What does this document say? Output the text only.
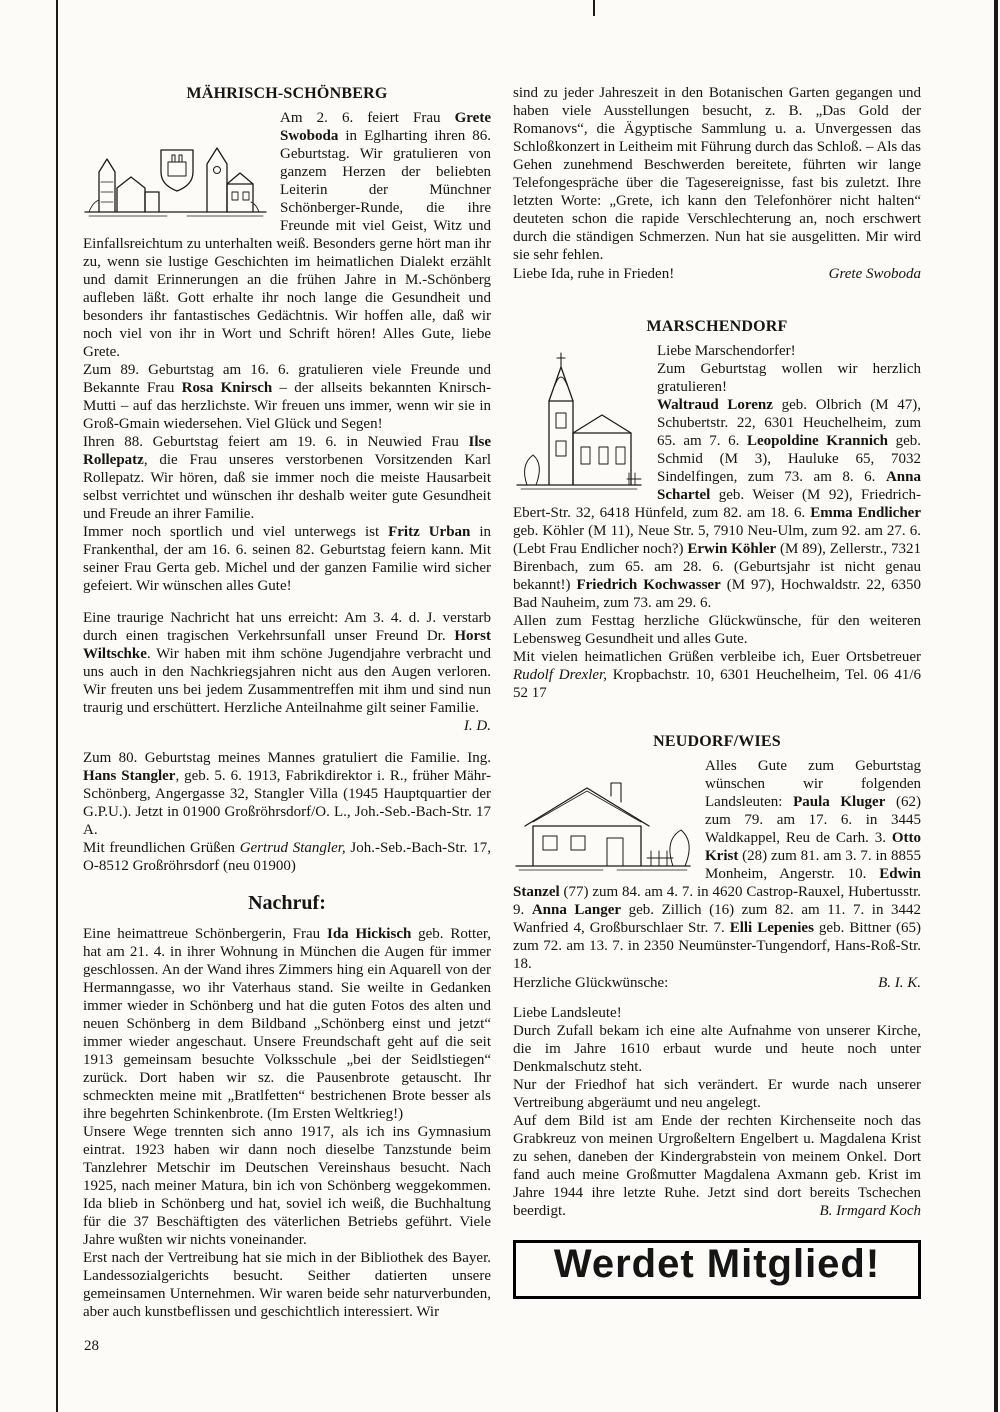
MÄHRISCH-SCHÖNBERG

Am 2. 6. feiert Frau Grete Swoboda in Eglharting ihren 86. Geburtstag. Wir gratulieren von ganzem Herzen der beliebten Leiterin der Münchner Schönberger-Runde, die ihre Freunde mit viel Geist, Witz und Einfallsreichtum zu unterhalten weiß. Besonders gerne hört man ihr zu, wenn sie lustige Geschichten im heimatlichen Dialekt erzählt und damit Erinnerungen an die frühen Jahre in M.-Schönberg aufleben läßt. Gott erhalte ihr noch lange die Gesundheit und besonders ihr fantastisches Gedächtnis. Wir hoffen alle, daß wir noch viel von ihr in Wort und Schrift hören! Alles Gute, liebe Grete.

Zum 89. Geburtstag am 16. 6. gratulieren viele Freunde und Bekannte Frau Rosa Knirsch – der allseits bekannten Knirsch-Mutti – auf das herzlichste. Wir freuen uns immer, wenn wir sie in Groß-Gmain wiedersehen. Viel Glück und Segen!

Ihren 88. Geburtstag feiert am 19. 6. in Neuwied Frau Ilse Rollepatz, die Frau unseres verstorbenen Vorsitzenden Karl Rollepatz. Wir hören, daß sie immer noch die meiste Hausarbeit selbst verrichtet und wünschen ihr deshalb weiter gute Gesundheit und Freude an ihrer Familie.

Immer noch sportlich und viel unterwegs ist Fritz Urban in Frankenthal, der am 16. 6. seinen 82. Geburtstag feiern kann. Mit seiner Frau Gerta geb. Michel und der ganzen Familie wird sicher gefeiert. Wir wünschen alles Gute!

Eine traurige Nachricht hat uns erreicht: Am 3. 4. d. J. verstarb durch einen tragischen Verkehrsunfall unser Freund Dr. Horst Wiltschke. Wir haben mit ihm schöne Jugendjahre verbracht und uns auch in den Nachkriegsjahren nicht aus den Augen verloren. Wir freuten uns bei jedem Zusammentreffen mit ihm und sind nun traurig und erschüttert. Herzliche Anteilnahme gilt seiner Familie.
I. D.

Zum 80. Geburtstag meines Mannes gratuliert die Familie. Ing. Hans Stangler, geb. 5. 6. 1913, Fabrikdirektor i. R., früher Mähr-Schönberg, Angergasse 32, Stangler Villa (1945 Hauptquartier der G.P.U.). Jetzt in 01900 Großröhrsdorf/O. L., Joh.-Seb.-Bach-Str. 17 A.

Mit freundlichen Grüßen Gertrud Stangler, Joh.-Seb.-Bach-Str. 17, O-8512 Großröhrsdorf (neu 01900)

Nachruf:

Eine heimattreue Schönbergerin, Frau Ida Hickisch geb. Rotter, hat am 21. 4. in ihrer Wohnung in München die Augen für immer geschlossen. An der Wand ihres Zimmers hing ein Aquarell von der Hermanngasse, wo ihr Vaterhaus stand. Sie weilte in Gedanken immer wieder in Schönberg und hat die guten Fotos des alten und neuen Schönberg in dem Bildband „Schönberg einst und jetzt“ immer wieder angeschaut. Unsere Freundschaft geht auf die seit 1913 gemeinsam besuchte Volksschule „bei der Seidlstiegen“ zurück. Dort haben wir sz. die Pausenbrote getauscht. Ihr schmeckten meine mit „Bratlfetten“ bestrichenen Brote besser als ihre begehrten Schinkenbrote. (Im Ersten Weltkrieg!)

Unsere Wege trennten sich anno 1917, als ich ins Gymnasium eintrat. 1923 haben wir dann noch dieselbe Tanzstunde beim Tanzlehrer Metschir im Deutschen Vereinshaus besucht. Nach 1925, nach meiner Matura, bin ich von Schönberg weggekommen. Ida blieb in Schönberg und hat, soviel ich weiß, die Buchhaltung für die 37 Beschäftigten des väterlichen Betriebs geführt. Viele Jahre wußten wir nichts voneinander.

Erst nach der Vertreibung hat sie mich in der Bibliothek des Bayer. Landessozialgerichts besucht. Seither datierten unsere gemeinsamen Unternehmen. Wir waren beide sehr naturverbunden, aber auch kunstbeflissen und geschichtlich interessiert. Wir

sind zu jeder Jahreszeit in den Botanischen Garten gegangen und haben viele Ausstellungen besucht, z. B. „Das Gold der Romanovs“, die Ägyptische Sammlung u. a. Unvergessen das Schloßkonzert in Leitheim mit Führung durch das Schloß. – Als das Gehen zunehmend Beschwerden bereitete, führten wir lange Telefongespräche über die Tagesereignisse, fast bis zuletzt. Ihre letzten Worte: „Grete, ich kann den Telefonhörer nicht halten“ deuteten schon die rapide Verschlechterung an, noch erschwert durch die ständigen Schmerzen. Nun hat sie ausgelitten. Mir wird sie sehr fehlen.

Liebe Ida, ruhe in Frieden!	Grete Swoboda
MARSCHENDORF

Liebe Marschendorfer!

Zum Geburtstag wollen wir herzlich gratulieren!

Waltraud Lorenz geb. Olbrich (M 47), Schubertstr. 22, 6301 Heuchelheim, zum 65. am 7. 6. Leopoldine Krannich geb. Schmid (M 3), Hauluke 65, 7032 Sindelfingen, zum 73. am 8. 6. Anna Schartel geb. Weiser (M 92), Friedrich-Ebert-Str. 32, 6418 Hünfeld, zum 82. am 18. 6. Emma Endlicher geb. Köhler (M 11), Neue Str. 5, 7910 Neu-Ulm, zum 92. am 27. 6. (Lebt Frau Endlicher noch?) Erwin Köhler (M 89), Zellerstr., 7321 Birenbach, zum 65. am 28. 6. (Geburtsjahr ist nicht genau bekannt!) Friedrich Kochwasser (M 97), Hochwaldstr. 22, 6350 Bad Nauheim, zum 73. am 29. 6.

Allen zum Festtag herzliche Glückwünsche, für den weiteren Lebensweg Gesundheit und alles Gute.

Mit vielen heimatlichen Grüßen verbleibe ich, Euer Ortsbetreuer Rudolf Drexler, Kropbachstr. 10, 6301 Heuchelheim, Tel. 06 41/6 52 17

NEUDORF/WIES

Alles Gute zum Geburtstag wünschen wir folgenden Landsleuten: Paula Kluger (62) zum 79. am 17. 6. in 3445 Waldkappel, Reu de Carh. 3. Otto Krist (28) zum 81. am 3. 7. in 8855 Monheim, Angerstr. 10. Edwin Stanzel (77) zum 84. am 4. 7. in 4620 Castrop-Rauxel, Hubertusstr. 9. Anna Langer geb. Zillich (16) zum 82. am 11. 7. in 3442 Wanfried 4, Großburschlaer Str. 7. Elli Lepenies geb. Bittner (65) zum 72. am 13. 7. in 2350 Neumünster-Tungendorf, Hans-Roß-Str. 18.

Herzliche Glückwünsche:	B. I. K.

Liebe Landsleute!

Durch Zufall bekam ich eine alte Aufnahme von unserer Kirche, die im Jahre 1610 erbaut wurde und heute noch unter Denkmalschutz steht.

Nur der Friedhof hat sich verändert. Er wurde nach unserer Vertreibung abgeräumt und neu angelegt.

Auf dem Bild ist am Ende der rechten Kirchenseite noch das Grabkreuz von meinen Urgroßeltern Engelbert u. Magdalena Krist zu sehen, daneben der Kindergrabstein von meinem Onkel. Dort fand auch meine Großmutter Magdalena Axmann geb. Krist im Jahre 1944 ihre letzte Ruhe. Jetzt sind dort bereits Tschechen beerdigt.	B. Irmgard Koch

Werdet Mitglied!
28
